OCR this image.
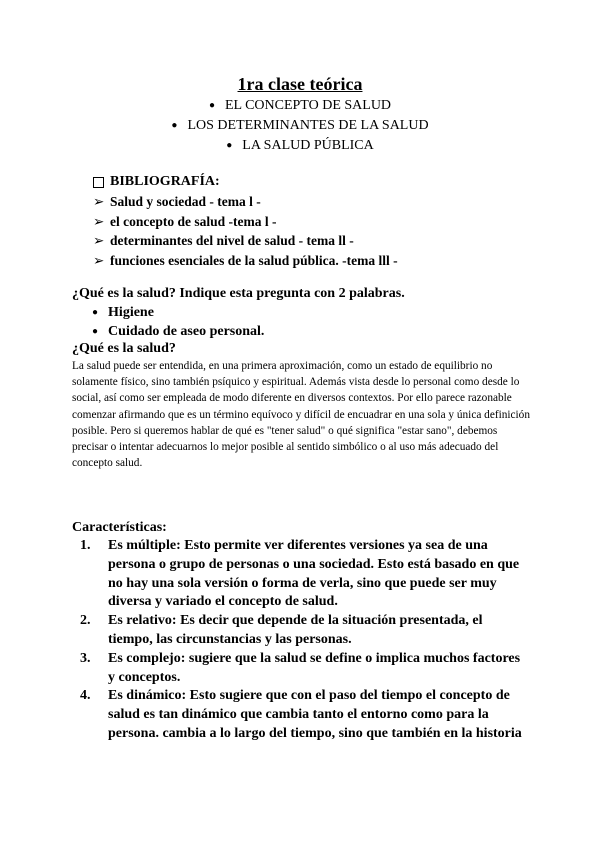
1ra clase teórica
● EL CONCEPTO DE SALUD
● LOS DETERMINANTES DE LA SALUD
● LA SALUD PÚBLICA
BIBLIOGRAFÍA:
➢ Salud y sociedad - tema l -
➢ el concepto de salud -tema l -
➢ determinantes del nivel de salud - tema ll -
➢ funciones esenciales de la salud pública. -tema lll -
¿Qué es la salud? Indique esta pregunta con 2 palabras.
● Higiene
● Cuidado de aseo personal.
¿Qué es la salud?

La salud puede ser entendida, en una primera aproximación, como un estado de equilibrio no solamente físico, sino también psíquico y espiritual. Además vista desde lo personal como desde lo social, así como ser empleada de modo diferente en diversos contextos. Por ello parece razonable comenzar afirmando que es un término equívoco y difícil de encuadrar en una sola y única definición posible. Pero si queremos hablar de qué es "tener salud" o qué significa "estar sano", debemos precisar o intentar adecuarnos lo mejor posible al sentido simbólico o al uso más adecuado del concepto salud.

Características:
1.	Es múltiple: Esto permite ver diferentes versiones ya sea de una persona o grupo de personas o una sociedad. Esto está basado en que no hay una sola versión o forma de verla, sino que puede ser muy diversa y variado el concepto de salud.
2.	Es relativo: Es decir que depende de la situación presentada, el tiempo, las circunstancias y las personas.
3.	Es complejo: sugiere que la salud se define o implica muchos factores y conceptos.
4.	Es dinámico: Esto sugiere que con el paso del tiempo el concepto de salud es tan dinámico que cambia tanto el entorno como para la persona. cambia a lo largo del tiempo, sino que también en la historia
